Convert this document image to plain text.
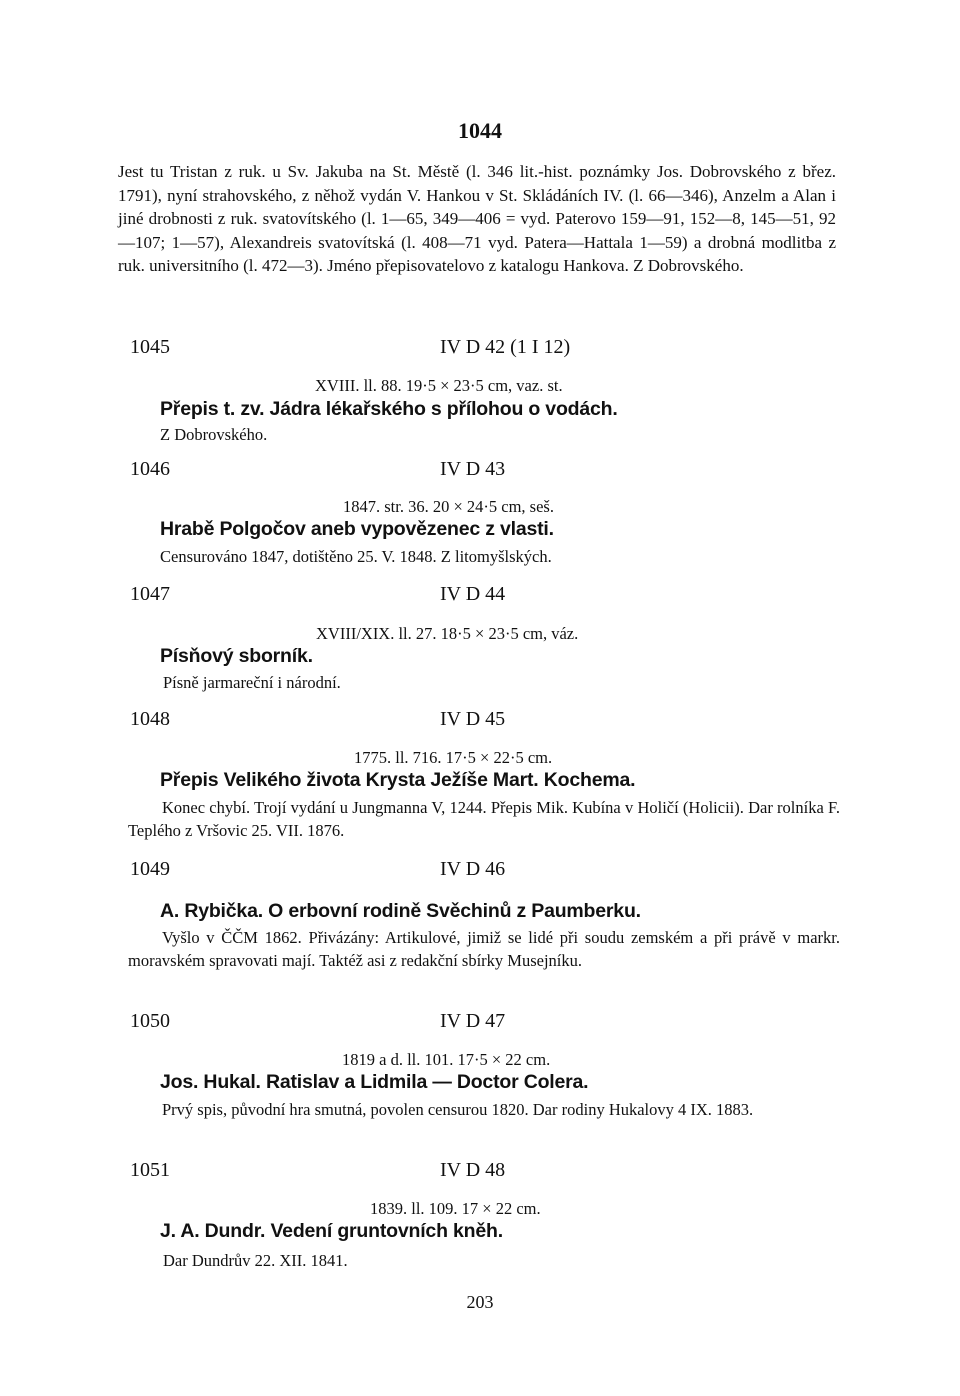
1044
Jest tu Tristan z ruk. u Sv. Jakuba na St. Městě (l. 346 lit.-hist. poznámky Jos. Dobrovského z břez. 1791), nyní strahovského, z něhož vydán V. Hankou v St. Skládáních IV. (l. 66—346), Anzelm a Alan i jiné drobnosti z ruk. svatovítského (l. 1—65, 349—406 = vyd. Paterovo 159—91, 152—8, 145—51, 92—107; 1—57), Alexandreis svatovítská (l. 408—71 vyd. Patera—Hattala 1—59) a drobná modlitba z ruk. universitního (l. 472—3). Jméno přepisovatelovo z katalogu Hankova. Z Dobrovského.
1045	IV D 42 (1 I 12)
XVIII. ll. 88. 19·5 × 23·5 cm, vaz. st.
Přepis t. zv. Jádra lékařského s přílohou o vodách.
Z Dobrovského.
1046	IV D 43
1847. str. 36. 20 × 24·5 cm, seš.
Hrabě Polgočov aneb vypovězenec z vlasti.
Censurováno 1847, dotištěno 25. V. 1848. Z litomyšlských.
1047	IV D 44
XVIII/XIX. ll. 27. 18·5 × 23·5 cm, váz.
Písňový sborník.
Písně jarmareční i národní.
1048	IV D 45
1775. ll. 716. 17·5 × 22·5 cm.
Přepis Velikého života Krysta Ježíše Mart. Kochema.
Konec chybí. Trojí vydání u Jungmanna V, 1244. Přepis Mik. Kubína v Holičí (Holicii). Dar rolníka F. Teplého z Vršovic 25. VII. 1876.
1049	IV D 46
A. Rybička. O erbovní rodině Svěchinů z Paumberku.
Vyšlo v ČČM 1862. Přivázány: Artikulové, jimiž se lidé při soudu zemském a při právě v markr. moravském spravovati mají. Taktéž asi z redakční sbírky Musejníku.
1050	IV D 47
1819 a d. ll. 101. 17·5 × 22 cm.
Jos. Hukal. Ratislav a Lidmila — Doctor Colera.
Prvý spis, původní hra smutná, povolen censurou 1820. Dar rodiny Hukalovy 4 IX. 1883.
1051	IV D 48
1839. ll. 109. 17 × 22 cm.
J. A. Dundr. Vedení gruntovních kněh.
Dar Dundrův 22. XII. 1841.
203
